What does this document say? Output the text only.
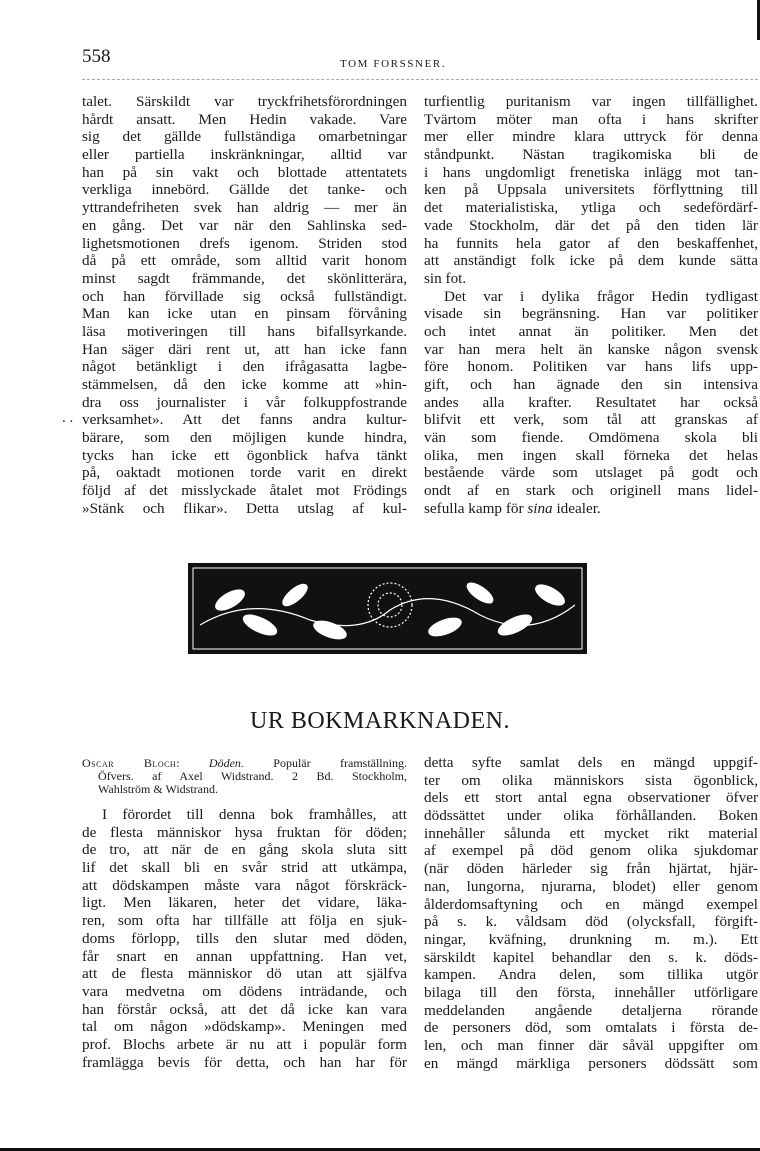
558	TOM FORSSNER.
. .
talet. Särskildt var tryckfrihetsförordningen
hårdt ansatt. Men Hedin vakade. Vare
sig det gällde fullständiga omarbetningar
eller partiella inskränkningar, alltid var
han på sin vakt och blottade attentatets
verkliga innebörd. Gällde det tanke- och
yttrandefriheten svek han aldrig — mer än
en gång. Det var när den Sahlinska sed-
lighetsmotionen drefs igenom. Striden stod
då på ett område, som alltid varit honom
minst sagdt främmande, det skönlitterära,
och han förvillade sig också fullständigt.
Man kan icke utan en pinsam förvåning
läsa motiveringen till hans bifallsyrkande.
Han säger däri rent ut, att han icke fann
något betänkligt i den ifrågasatta lagbe-
stämmelsen, då den icke komme att »hin-
dra oss journalister i vår folkuppfostrande
verksamhet». Att det fanns andra kultur-
bärare, som den möjligen kunde hindra,
tycks han icke ett ögonblick hafva tänkt
på, oaktadt motionen torde varit en direkt
följd af det misslyckade åtalet mot Frödings
»Stänk och flikar». Detta utslag af kul-
turfientlig puritanism var ingen tillfällighet.
Tvärtom möter man ofta i hans skrifter
mer eller mindre klara uttryck för denna
ståndpunkt. Nästan tragikomiska bli de
i hans ungdomligt frenetiska inlägg mot tan-
ken på Uppsala universitets förflyttning till
det materialistiska, ytliga och sedefördärf-
vade Stockholm, där det på den tiden lär
ha funnits hela gator af den beskaffenhet,
att anständigt folk icke på dem kunde sätta
sin fot.
Det var i dylika frågor Hedin tydligast
visade sin begränsning. Han var politiker
och intet annat än politiker. Men det
var han mera helt än kanske någon svensk
före honom. Politiken var hans lifs upp-
gift, och han ägnade den sin intensiva
andes alla krafter. Resultatet har också
blifvit ett verk, som tål att granskas af
vän som fiende. Omdömena skola bli
olika, men ingen skall förneka det helas
bestående värde som utslaget på godt och
ondt af en stark och originell mans lidel-
sefulla kamp för sina idealer.
UR BOKMARKNADEN.
Oscar Bloch: Döden. Populär framställning.
Öfvers. af Axel Widstrand. 2 Bd. Stockholm,
Wahlström & Widstrand.
I förordet till denna bok framhålles, att
de flesta människor hysa fruktan för döden;
de tro, att när de en gång skola sluta sitt
lif det skall bli en svår strid att utkämpa,
att dödskampen måste vara något förskräck-
ligt. Men läkaren, heter det vidare, läka-
ren, som ofta har tillfälle att följa en sjuk-
doms förlopp, tills den slutar med döden,
får snart en annan uppfattning. Han vet,
att de flesta människor dö utan att själfva
vara medvetna om dödens inträdande, och
han förstår också, att det då icke kan vara
tal om någon »dödskamp». Meningen med
prof. Blochs arbete är nu att i populär form
framlägga bevis för detta, och han har för
detta syfte samlat dels en mängd uppgif-
ter om olika människors sista ögonblick,
dels ett stort antal egna observationer öfver
dödssättet under olika förhållanden. Boken
innehåller sålunda ett mycket rikt material
af exempel på död genom olika sjukdomar
(när döden härleder sig från hjärtat, hjär-
nan, lungorna, njurarna, blodet) eller genom
ålderdomsaftyning och en mängd exempel
på s. k. våldsam död (olycksfall, förgift-
ningar, kväfning, drunkning m. m.). Ett
särskildt kapitel behandlar den s. k. döds-
kampen. Andra delen, som tillika utgör
bilaga till den första, innehåller utförligare
meddelanden angående detaljerna rörande
de personers död, som omtalats i första de-
len, och man finner där såväl uppgifter om
en mängd märkliga personers dödssätt som
